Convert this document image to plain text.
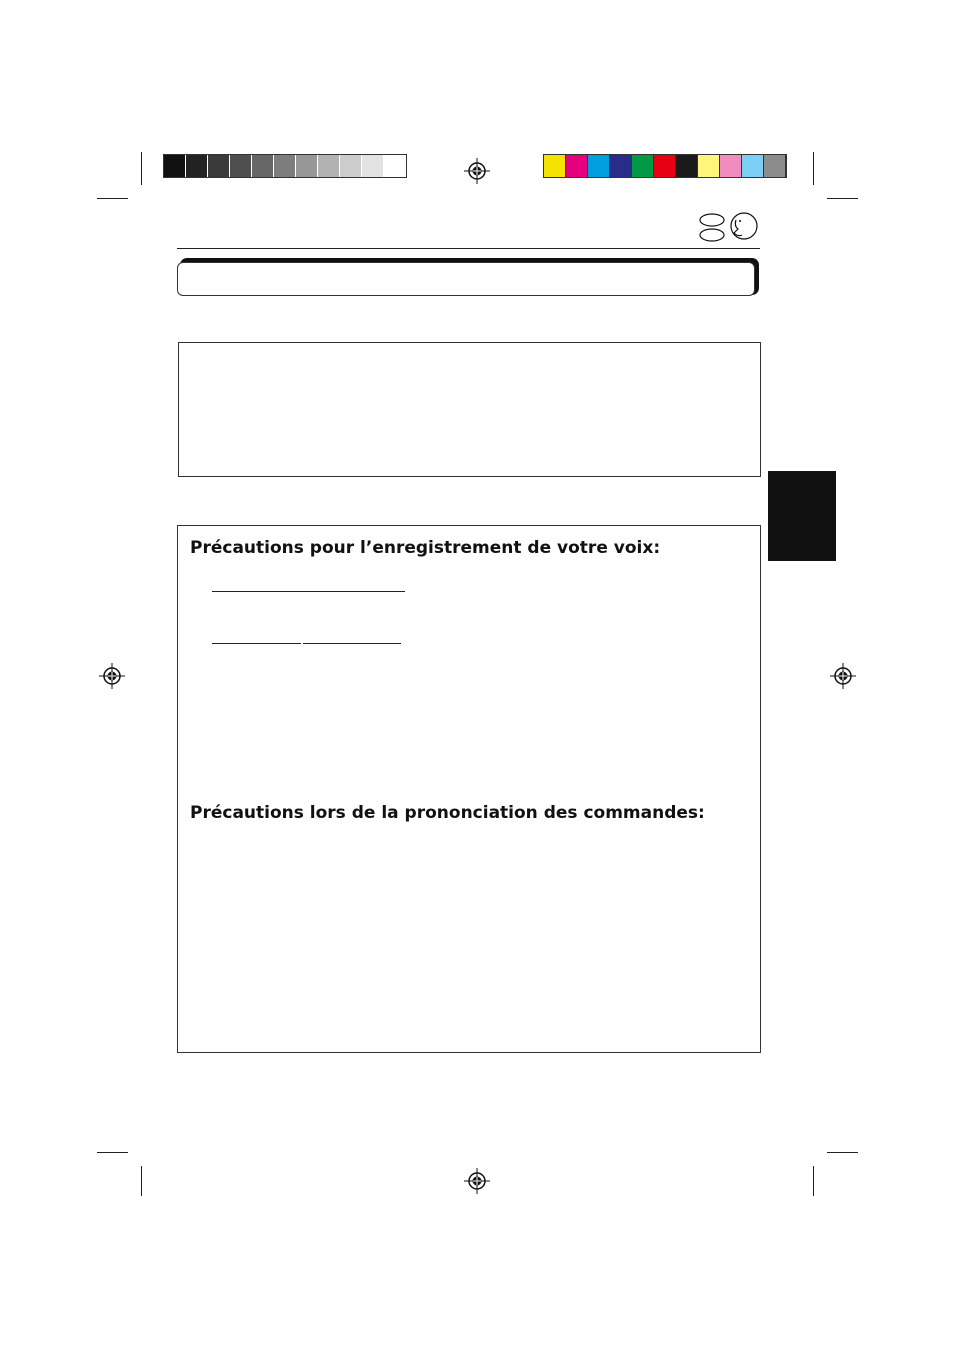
Précautions pour l’enregistrement de votre voix:
Précautions lors de la prononciation des commandes:
